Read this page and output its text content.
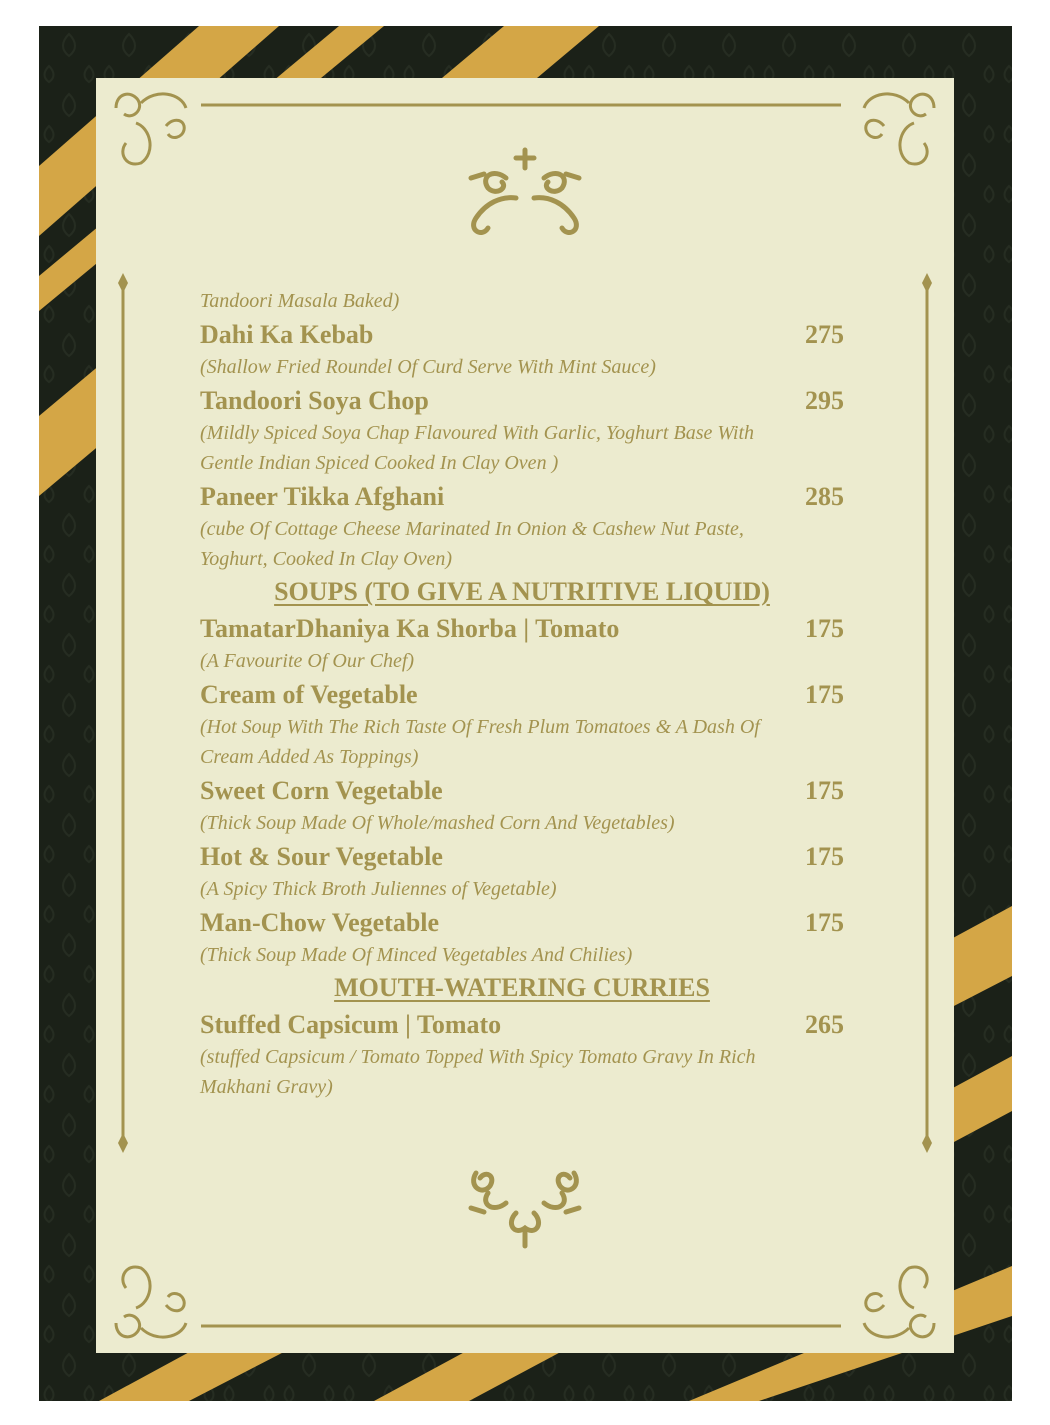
Tandoori Masala Baked)

Dahi Ka Kebab	275

(Shallow Fried Roundel Of Curd Serve With Mint Sauce)

Tandoori Soya Chop	295

(Mildly Spiced Soya Chap Flavoured With Garlic, Yoghurt Base With

Gentle Indian Spiced Cooked In Clay Oven )

Paneer Tikka Afghani	285

(cube Of Cottage Cheese Marinated In Onion & Cashew Nut Paste,

Yoghurt, Cooked In Clay Oven)

SOUPS (TO GIVE A NUTRITIVE LIQUID)
TamatarDhaniya Ka Shorba | Tomato	175

(A Favourite Of Our Chef)

Cream of Vegetable	175

(Hot Soup With The Rich Taste Of Fresh Plum Tomatoes & A Dash Of

Cream Added As Toppings)

Sweet Corn Vegetable	175

(Thick Soup Made Of Whole/mashed Corn And Vegetables)

Hot & Sour Vegetable	175

(A Spicy Thick Broth Juliennes of Vegetable)

Man-Chow Vegetable	175

(Thick Soup Made Of Minced Vegetables And Chilies)

MOUTH-WATERING CURRIES
Stuffed Capsicum | Tomato	265

(stuffed Capsicum / Tomato Topped With Spicy Tomato Gravy In Rich

Makhani Gravy)
